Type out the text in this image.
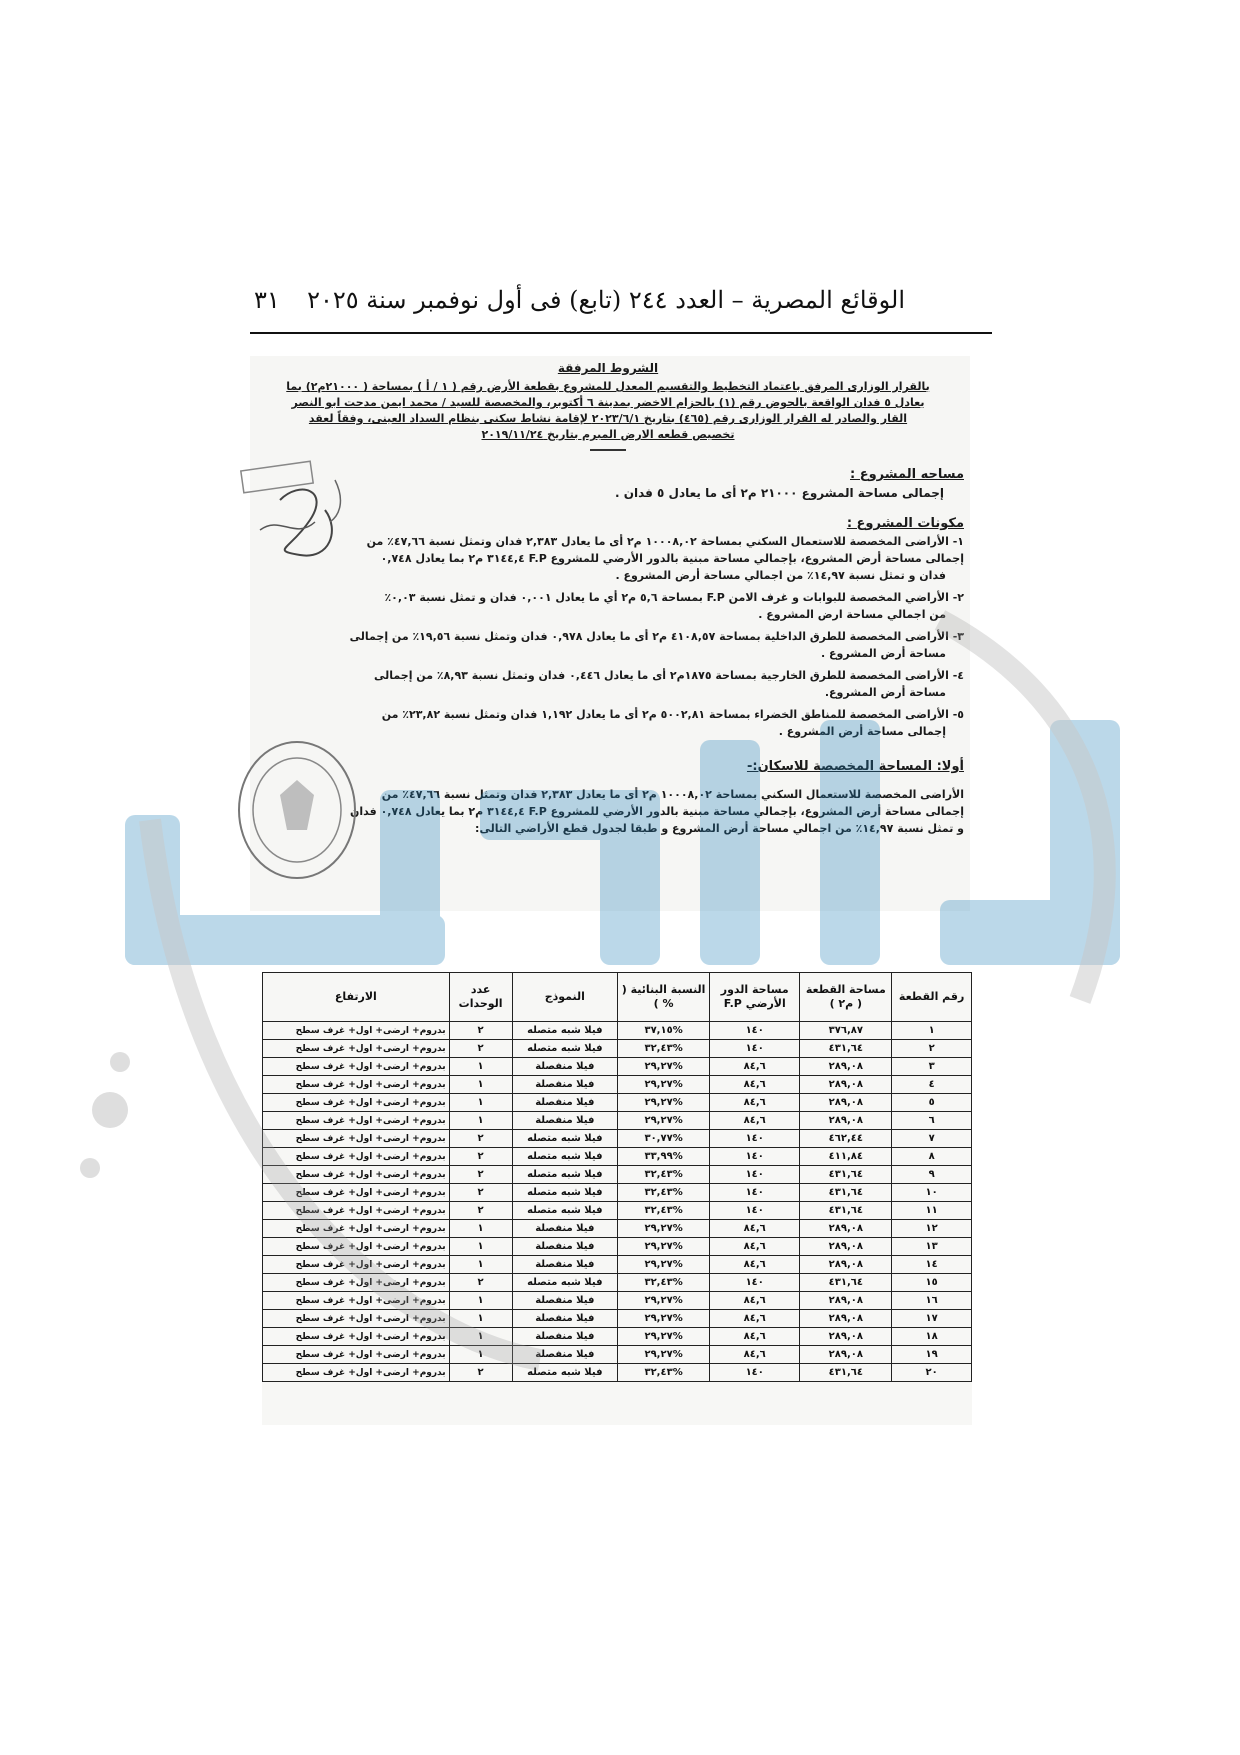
الوقائع المصرية – العدد ٢٤٤ (تابع) فى أول نوفمبر سنة ٢٠٢٥
٣١

الشروط المرفقة

بالقرار الوزارى المرفق باعتماد التخطيط والتقسيم المعدل للمشروع بقطعة الأرض رقم ( ١ / أ ) بمساحة ( ٢١٠٠٠م٢) بما

يعادل ٥ فدان الواقعة بالحوض رقم (١) بالحزام الاخضر بمدينة ٦ أكتوبر، والمخصصة للسيد / محمد ايمن مدحت ابو النصر

القار والصادر له القرار الوزارى رقم (٤٦٥) بتاريخ ٢٠٢٣/٦/١ لإقامة نشاط سكنى بنظام السداد العينى، وفقاً لعقد

تخصيص قطعه الارض المبرم بتاريخ ٢٠١٩/١١/٢٤

مساحه المشروع :

إجمالى مساحة المشروع ٢١٠٠٠ م٢ أى ما يعادل ٥ فدان .

مكونات المشروع :

١- الأراضى المخصصة للاستعمال السكني بمساحة ١٠٠٠٨,٠٢ م٢ أى ما يعادل ٢,٣٨٣ فدان وتمثل نسبة ٤٧,٦٦٪ من

إجمالى مساحة أرض المشروع، بإجمالي مساحة مبنية بالدور الأرضي للمشروع F.P ٣١٤٤,٤ م٢ بما يعادل ٠,٧٤٨

فدان و تمثل نسبة ١٤,٩٧٪ من اجمالي مساحة أرض المشروع .

٢- الأراضي المخصصة للبوابات و غرف الامن F.P بمساحة ٥,٦ م٢ أي ما يعادل ٠,٠٠١ فدان و تمثل نسبة ٠,٠٣٪

من اجمالي مساحة ارض المشروع .

٣- الأراضى المخصصة للطرق الداخلية بمساحة ٤١٠٨,٥٧ م٢ أى ما يعادل ٠,٩٧٨ فدان وتمثل نسبة ١٩,٥٦٪ من إجمالى

مساحة أرض المشروع .

٤- الأراضى المخصصة للطرق الخارجية بمساحة ١٨٧٥م٢ أى ما يعادل ٠,٤٤٦ فدان وتمثل نسبة ٨,٩٣٪ من إجمالى

مساحة أرض المشروع.

٥- الأراضى المخصصة للمناطق الخضراء بمساحة ٥٠٠٢,٨١ م٢ أى ما يعادل ١,١٩٢ فدان وتمثل نسبة ٢٣,٨٢٪ من

إجمالى مساحة أرض المشروع .

أولا: المساحة المخصصة للاسكان:-

الأراضى المخصصة للاستعمال السكني بمساحة ١٠٠٠٨,٠٢ م٢ أى ما يعادل ٢,٣٨٣ فدان وتمثل نسبة ٤٧,٦٦٪ من

إجمالى مساحة أرض المشروع، بإجمالي مساحة مبنية بالدور الأرضي للمشروع F.P ٣١٤٤,٤ م٢ بما يعادل ٠,٧٤٨ فدان

و تمثل نسبة ١٤,٩٧٪ من اجمالي مساحة أرض المشروع و طبقا لجدول قطع الأراضي التالى:

رقم القطعة	مساحة القطعة ( م٢ )	مساحة الدور الأرضي F.P	النسبة البنائية ( % )	النموذج	عدد الوحدات	الارتفاع
١	٣٧٦,٨٧	١٤٠	%٣٧,١٥	فيلا شبه متصله	٢	بدروم+ ارضى+ اول+ غرف سطح
٢	٤٣١,٦٤	١٤٠	%٣٢,٤٣	فيلا شبه متصله	٢	بدروم+ ارضى+ اول+ غرف سطح
٣	٢٨٩,٠٨	٨٤,٦	%٢٩,٢٧	فيلا منفصلة	١	بدروم+ ارضى+ اول+ غرف سطح
٤	٢٨٩,٠٨	٨٤,٦	%٢٩,٢٧	فيلا منفصلة	١	بدروم+ ارضى+ اول+ غرف سطح
٥	٢٨٩,٠٨	٨٤,٦	%٢٩,٢٧	فيلا منفصلة	١	بدروم+ ارضى+ اول+ غرف سطح
٦	٢٨٩,٠٨	٨٤,٦	%٢٩,٢٧	فيلا منفصلة	١	بدروم+ ارضى+ اول+ غرف سطح
٧	٤٦٢,٤٤	١٤٠	%٣٠,٧٧	فيلا شبه متصله	٢	بدروم+ ارضى+ اول+ غرف سطح
٨	٤١١,٨٤	١٤٠	%٣٣,٩٩	فيلا شبه متصله	٢	بدروم+ ارضى+ اول+ غرف سطح
٩	٤٣١,٦٤	١٤٠	%٣٢,٤٣	فيلا شبه متصله	٢	بدروم+ ارضى+ اول+ غرف سطح
١٠	٤٣١,٦٤	١٤٠	%٣٢,٤٣	فيلا شبه متصله	٢	بدروم+ ارضى+ اول+ غرف سطح
١١	٤٣١,٦٤	١٤٠	%٣٢,٤٣	فيلا شبه متصله	٢	بدروم+ ارضى+ اول+ غرف سطح
١٢	٢٨٩,٠٨	٨٤,٦	%٢٩,٢٧	فيلا منفصلة	١	بدروم+ ارضى+ اول+ غرف سطح
١٣	٢٨٩,٠٨	٨٤,٦	%٢٩,٢٧	فيلا منفصلة	١	بدروم+ ارضى+ اول+ غرف سطح
١٤	٢٨٩,٠٨	٨٤,٦	%٢٩,٢٧	فيلا منفصلة	١	بدروم+ ارضى+ اول+ غرف سطح
١٥	٤٣١,٦٤	١٤٠	%٣٢,٤٣	فيلا شبه متصله	٢	بدروم+ ارضى+ اول+ غرف سطح
١٦	٢٨٩,٠٨	٨٤,٦	%٢٩,٢٧	فيلا منفصلة	١	بدروم+ ارضى+ اول+ غرف سطح
١٧	٢٨٩,٠٨	٨٤,٦	%٢٩,٢٧	فيلا منفصلة	١	بدروم+ ارضى+ اول+ غرف سطح
١٨	٢٨٩,٠٨	٨٤,٦	%٢٩,٢٧	فيلا منفصلة	١	بدروم+ ارضى+ اول+ غرف سطح
١٩	٢٨٩,٠٨	٨٤,٦	%٢٩,٢٧	فيلا منفصلة	١	بدروم+ ارضى+ اول+ غرف سطح
٢٠	٤٣١,٦٤	١٤٠	%٣٢,٤٣	فيلا شبه متصله	٢	بدروم+ ارضى+ اول+ غرف سطح
